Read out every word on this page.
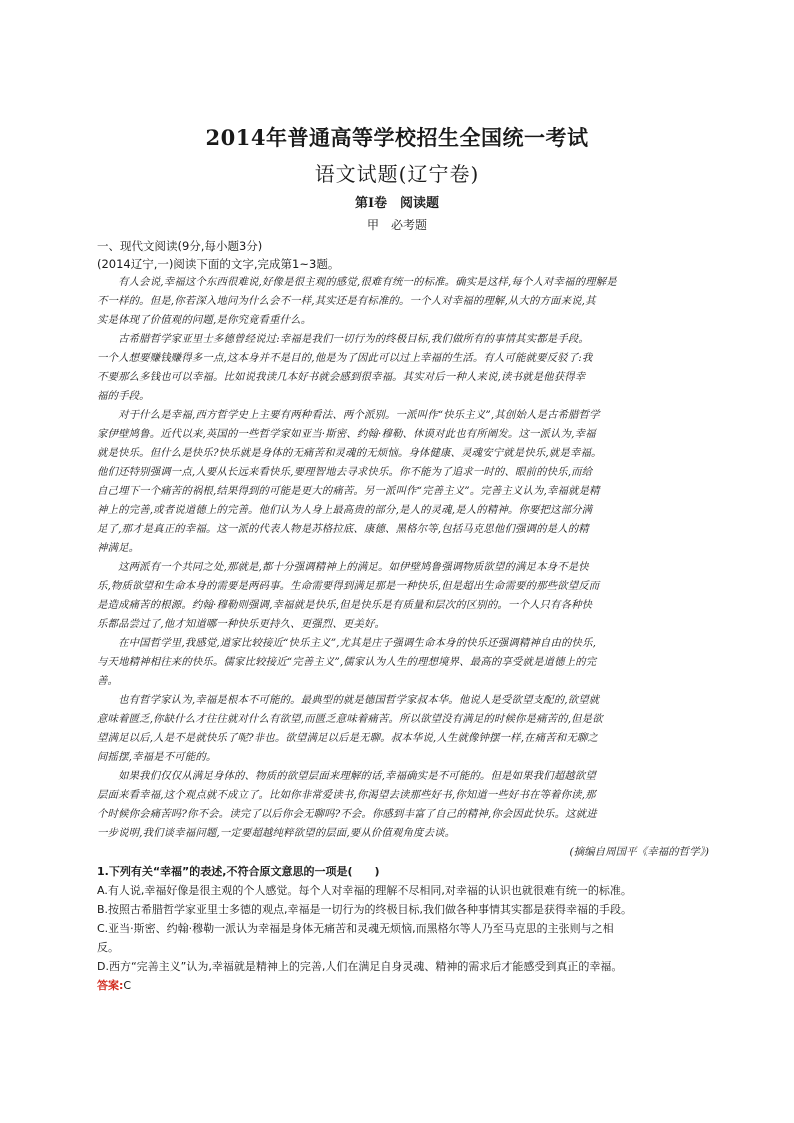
2014年普通高等学校招生全国统一考试
语文试题(辽宁卷)
第Ⅰ卷　阅读题
甲　必考题
一、现代文阅读(9分,每小题3分)
(2014辽宁,一)阅读下面的文字,完成第1~3题。
　　有人会说,幸福这个东西很难说,好像是很主观的感觉,很难有统一的标准。确实是这样,每个人对幸福的理解是
不一样的。但是,你若深入地问为什么会不一样,其实还是有标准的。一个人对幸福的理解,从大的方面来说,其
实是体现了价值观的问题,是你究竟看重什么。
　　古希腊哲学家亚里士多德曾经说过:幸福是我们一切行为的终极目标,我们做所有的事情其实都是手段。
一个人想要赚钱赚得多一点,这本身并不是目的,他是为了因此可以过上幸福的生活。有人可能就要反驳了:我
不要那么多钱也可以幸福。比如说我读几本好书就会感到很幸福。其实对后一种人来说,读书就是他获得幸
福的手段。
　　对于什么是幸福,西方哲学史上主要有两种看法、两个派别。一派叫作“快乐主义”,其创始人是古希腊哲学
家伊壁鸠鲁。近代以来,英国的一些哲学家如亚当·斯密、约翰·穆勒、休谟对此也有所阐发。这一派认为,幸福
就是快乐。但什么是快乐?快乐就是身体的无痛苦和灵魂的无烦恼。身体健康、灵魂安宁就是快乐,就是幸福。
他们还特别强调一点,人要从长远来看快乐,要理智地去寻求快乐。你不能为了追求一时的、眼前的快乐,而给
自己埋下一个痛苦的祸根,结果得到的可能是更大的痛苦。另一派叫作“完善主义”。完善主义认为,幸福就是精
神上的完善,或者说道德上的完善。他们认为人身上最高贵的部分,是人的灵魂,是人的精神。你要把这部分满
足了,那才是真正的幸福。这一派的代表人物是苏格拉底、康德、黑格尔等,包括马克思他们强调的是人的精
神满足。
　　这两派有一个共同之处,那就是,都十分强调精神上的满足。如伊壁鸠鲁强调物质欲望的满足本身不是快
乐,物质欲望和生命本身的需要是两码事。生命需要得到满足那是一种快乐,但是超出生命需要的那些欲望反而
是造成痛苦的根源。约翰·穆勒则强调,幸福就是快乐,但是快乐是有质量和层次的区别的。一个人只有各种快
乐都品尝过了,他才知道哪一种快乐更持久、更强烈、更美好。
　　在中国哲学里,我感觉,道家比较接近“快乐主义”,尤其是庄子强调生命本身的快乐还强调精神自由的快乐,
与天地精神相往来的快乐。儒家比较接近“完善主义”,儒家认为人生的理想境界、最高的享受就是道德上的完
善。
　　也有哲学家认为,幸福是根本不可能的。最典型的就是德国哲学家叔本华。他说人是受欲望支配的,欲望就
意味着匮乏,你缺什么才往往就对什么有欲望,而匮乏意味着痛苦。所以欲望没有满足的时候你是痛苦的,但是欲
望满足以后,人是不是就快乐了呢?非也。欲望满足以后是无聊。叔本华说,人生就像钟摆一样,在痛苦和无聊之
间摇摆,幸福是不可能的。
　　如果我们仅仅从满足身体的、物质的欲望层面来理解的话,幸福确实是不可能的。但是如果我们超越欲望
层面来看幸福,这个观点就不成立了。比如你非常爱读书,你渴望去读那些好书,你知道一些好书在等着你读,那
个时候你会痛苦吗?你不会。读完了以后你会无聊吗?不会。你感到丰富了自己的精神,你会因此快乐。这就进
一步说明,我们谈幸福问题,一定要超越纯粹欲望的层面,要从价值观角度去谈。
(摘编自周国平《幸福的哲学》)
1.下列有关“幸福”的表述,不符合原文意思的一项是(　　)
A.有人说,幸福好像是很主观的个人感觉。每个人对幸福的理解不尽相同,对幸福的认识也就很难有统一的标准。
B.按照古希腊哲学家亚里士多德的观点,幸福是一切行为的终极目标,我们做各种事情其实都是获得幸福的手段。
C.亚当·斯密、约翰·穆勒一派认为幸福是身体无痛苦和灵魂无烦恼,而黑格尔等人乃至马克思的主张则与之相
反。
D.西方“完善主义”认为,幸福就是精神上的完善,人们在满足自身灵魂、精神的需求后才能感受到真正的幸福。
答案:C
